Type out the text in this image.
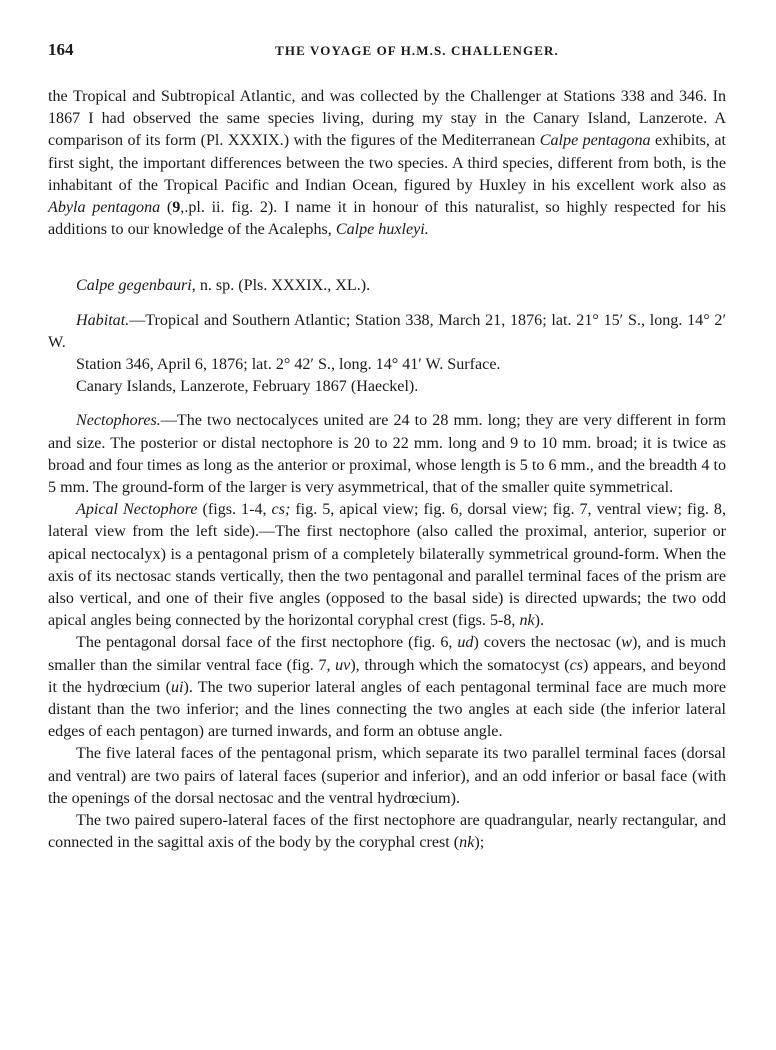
164	THE VOYAGE OF H.M.S. CHALLENGER.

the Tropical and Subtropical Atlantic, and was collected by the Challenger at Stations 338 and 346. In 1867 I had observed the same species living, during my stay in the Canary Island, Lanzerote. A comparison of its form (Pl. XXXIX.) with the figures of the Mediterranean Calpe pentagona exhibits, at first sight, the important differences between the two species. A third species, different from both, is the inhabitant of the Tropical Pacific and Indian Ocean, figured by Huxley in his excellent work also as Abyla pentagona (9,.pl. ii. fig. 2). I name it in honour of this naturalist, so highly respected for his additions to our knowledge of the Acalephs, Calpe huxleyi.

Calpe gegenbauri, n. sp. (Pls. XXXIX., XL.).

Habitat.—Tropical and Southern Atlantic; Station 338, March 21, 1876; lat. 21° 15′ S., long. 14° 2′ W.

Station 346, April 6, 1876; lat. 2° 42′ S., long. 14° 41′ W. Surface.

Canary Islands, Lanzerote, February 1867 (Haeckel).

Nectophores.—The two nectocalyces united are 24 to 28 mm. long; they are very different in form and size. The posterior or distal nectophore is 20 to 22 mm. long and 9 to 10 mm. broad; it is twice as broad and four times as long as the anterior or proximal, whose length is 5 to 6 mm., and the breadth 4 to 5 mm. The ground-form of the larger is very asymmetrical, that of the smaller quite symmetrical.

Apical Nectophore (figs. 1-4, cs; fig. 5, apical view; fig. 6, dorsal view; fig. 7, ventral view; fig. 8, lateral view from the left side).—The first nectophore (also called the proximal, anterior, superior or apical nectocalyx) is a pentagonal prism of a completely bilaterally symmetrical ground-form. When the axis of its nectosac stands vertically, then the two pentagonal and parallel terminal faces of the prism are also vertical, and one of their five angles (opposed to the basal side) is directed upwards; the two odd apical angles being connected by the horizontal coryphal crest (figs. 5-8, nk).

The pentagonal dorsal face of the first nectophore (fig. 6, ud) covers the nectosac (w), and is much smaller than the similar ventral face (fig. 7, uv), through which the somatocyst (cs) appears, and beyond it the hydrœcium (ui). The two superior lateral angles of each pentagonal terminal face are much more distant than the two inferior; and the lines connecting the two angles at each side (the inferior lateral edges of each pentagon) are turned inwards, and form an obtuse angle.

The five lateral faces of the pentagonal prism, which separate its two parallel terminal faces (dorsal and ventral) are two pairs of lateral faces (superior and inferior), and an odd inferior or basal face (with the openings of the dorsal nectosac and the ventral hydrœcium).

The two paired supero-lateral faces of the first nectophore are quadrangular, nearly rectangular, and connected in the sagittal axis of the body by the coryphal crest (nk);
